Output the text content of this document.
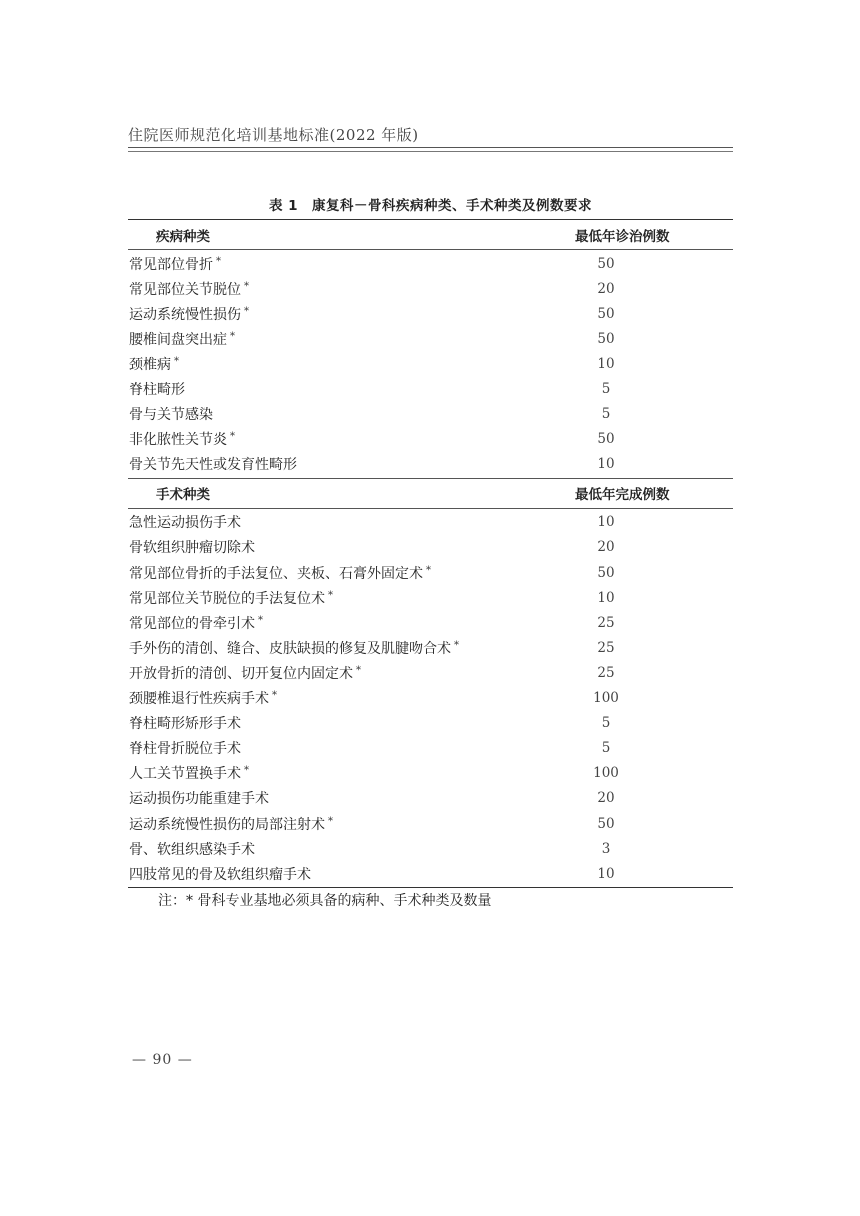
住院医师规范化培训基地标准(2022 年版)
表 1 康复科－骨科疾病种类、手术种类及例数要求
疾病种类	最低年诊治例数
常见部位骨折 *	50
常见部位关节脱位 *	20
运动系统慢性损伤 *	50
腰椎间盘突出症 *	50
颈椎病 *	10
脊柱畸形	5
骨与关节感染	5
非化脓性关节炎 *	50
骨关节先天性或发育性畸形	10
手术种类	最低年完成例数
急性运动损伤手术	10
骨软组织肿瘤切除术	20
常见部位骨折的手法复位、夹板、石膏外固定术 *	50
常见部位关节脱位的手法复位术 *	10
常见部位的骨牵引术 *	25
手外伤的清创、缝合、皮肤缺损的修复及肌腱吻合术 *	25
开放骨折的清创、切开复位内固定术 *	25
颈腰椎退行性疾病手术 *	100
脊柱畸形矫形手术	5
脊柱骨折脱位手术	5
人工关节置换手术 *	100
运动损伤功能重建手术	20
运动系统慢性损伤的局部注射术 *	50
骨、软组织感染手术	3
四肢常见的骨及软组织瘤手术	10
注：* 骨科专业基地必须具备的病种、手术种类及数量
— 90 —
